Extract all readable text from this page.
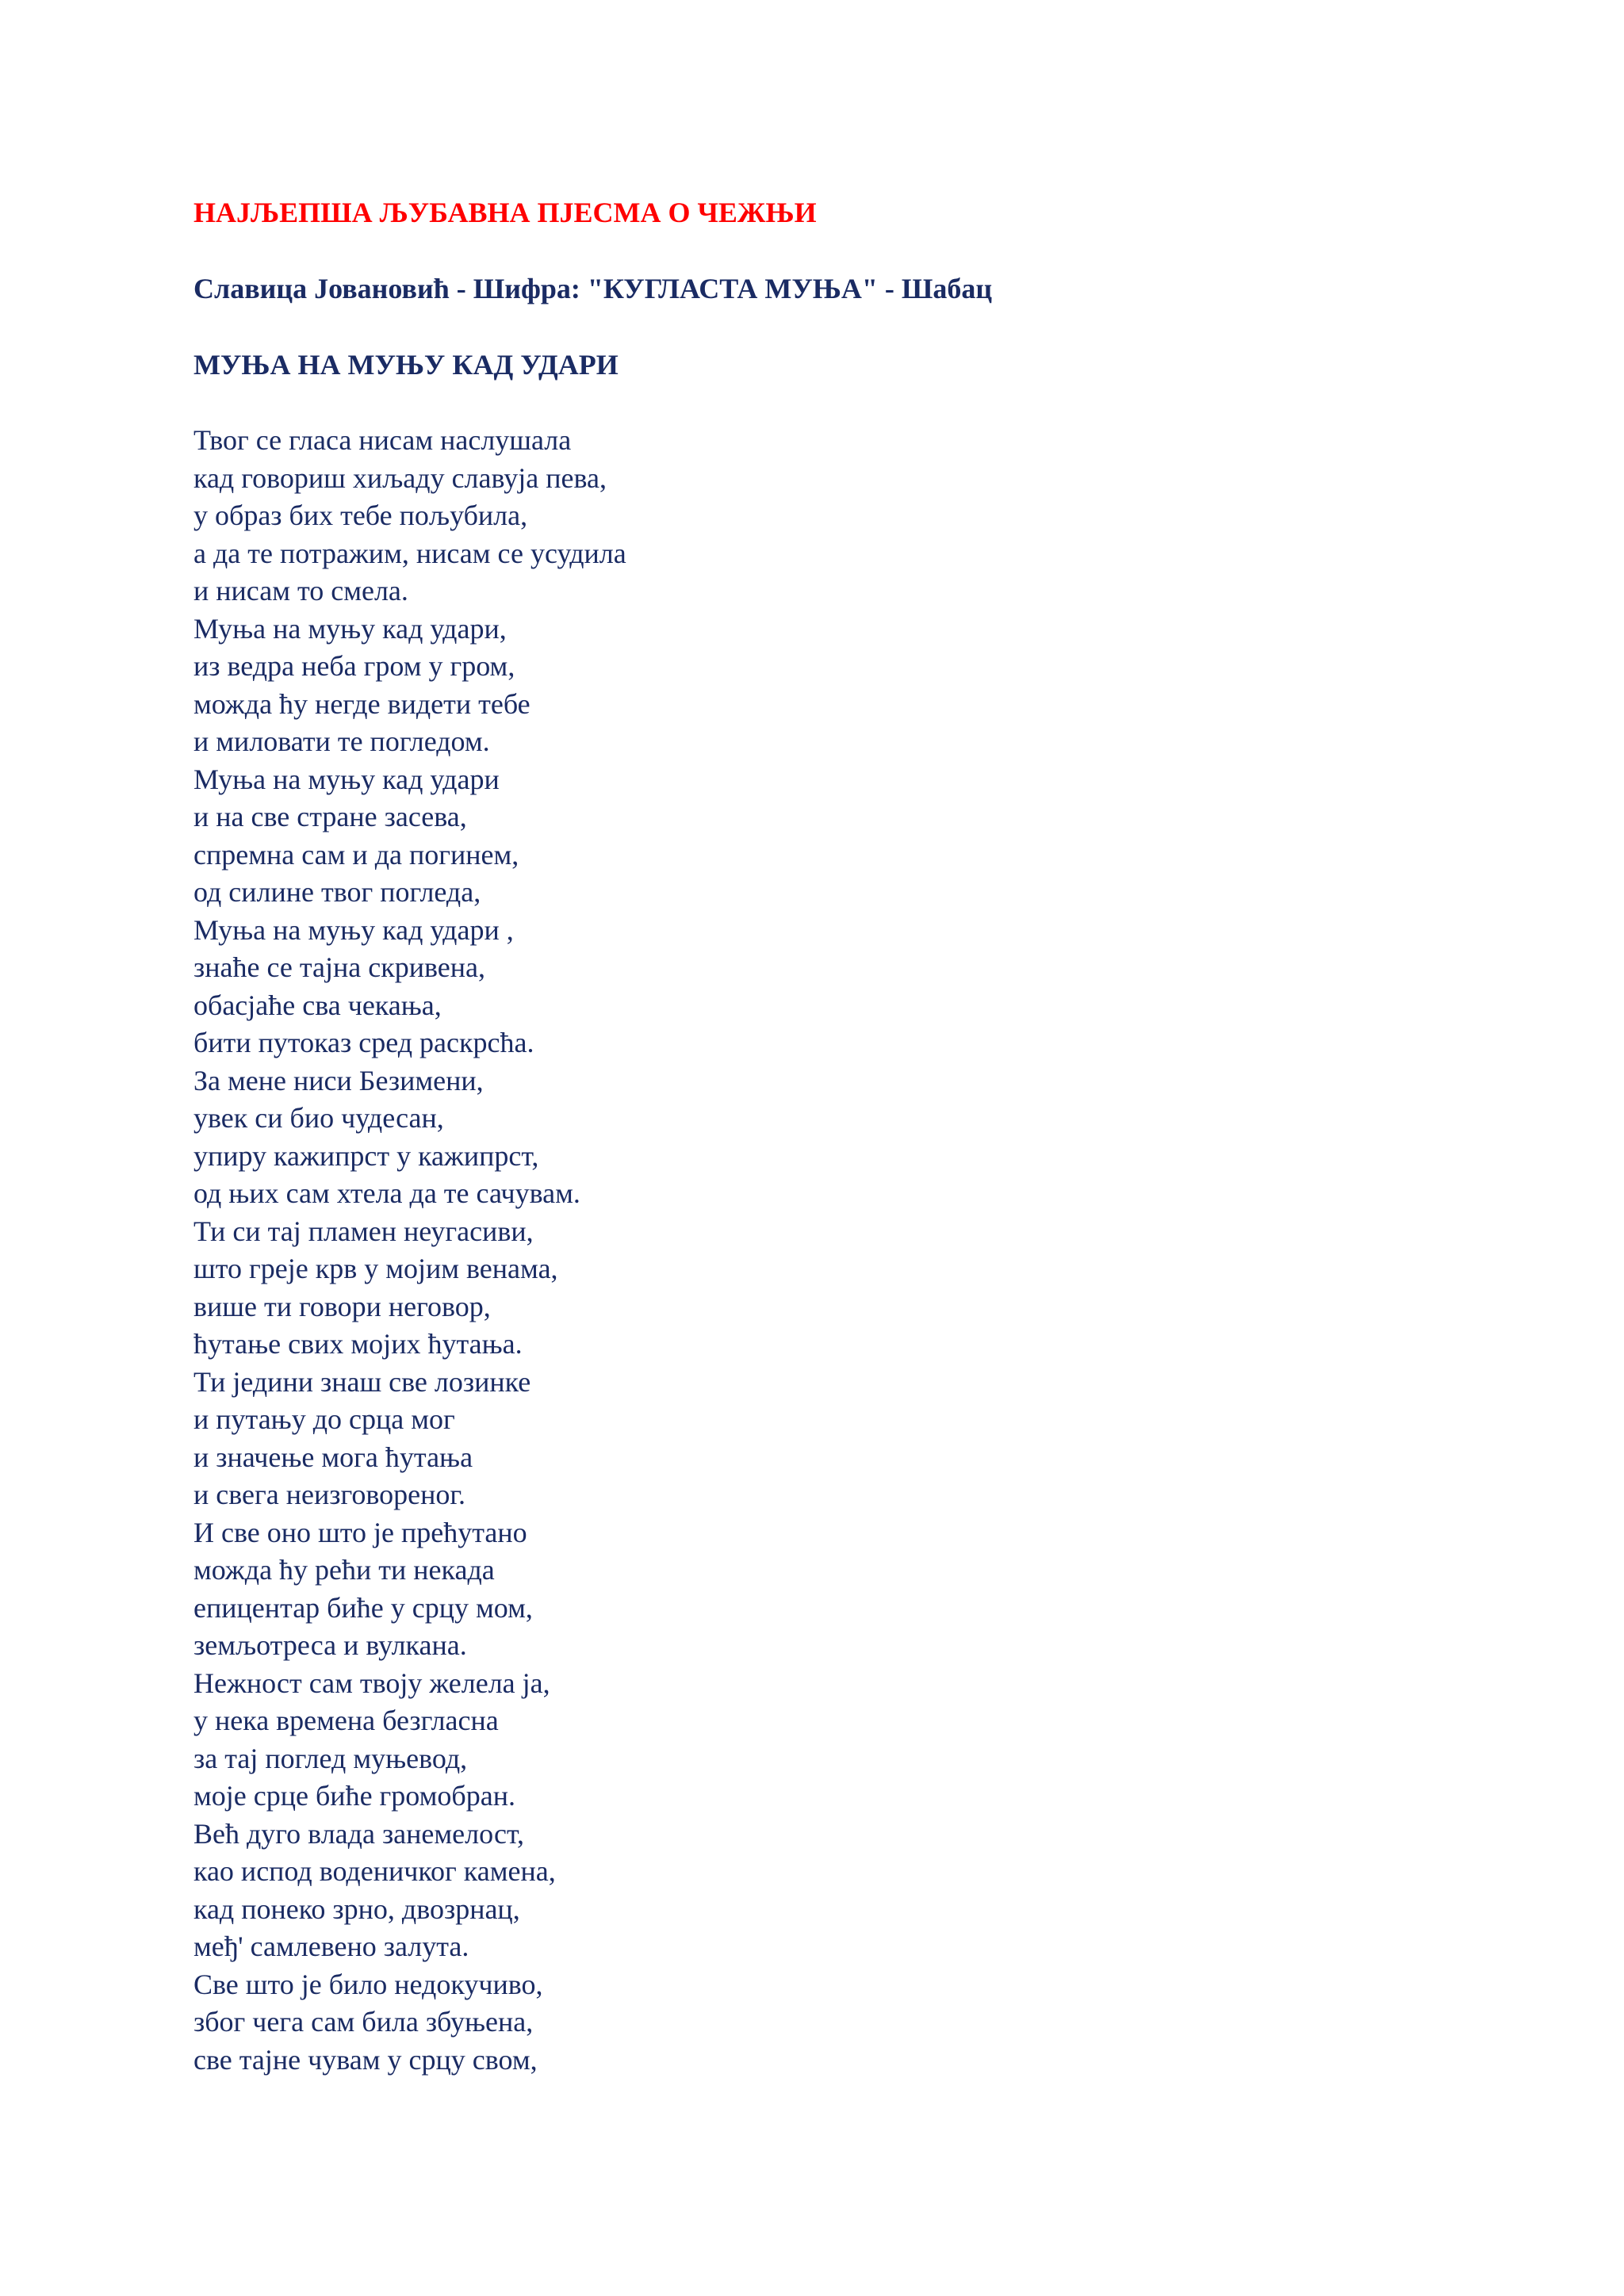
НАЈЉЕПША ЉУБАВНА ПЈЕСМА О ЧЕЖЊИ
Славица Јовановић - Шифра: "КУГЛАСТА МУЊА" - Шабац
МУЊА НА МУЊУ КАД УДАРИ
Твог се гласа нисам наслушала
кад говориш хиљаду славуја пева,
у образ бих тебе пољубила,
а да те потражим, нисам се усудила
и нисам то смела.
Муња на муњу кад удари,
из ведра неба гром у гром,
можда ћу негде видети тебе
и миловати те погледом.
Муња на муњу кад удари
и на све стране засева,
спремна сам и да погинем,
од силине твог погледа,
Муња на муњу кад удари ,
знаће се тајна скривена,
обасјаће сва чекања,
бити путоказ сред раскрсћа.
За мене ниси Безимени,
увек си био чудесан,
упиру кажипрст у кажипрст,
од њих сам хтела да те сачувам.
Ти си тај пламен неугасиви,
што греје крв у мојим венама,
више ти говори неговор,
ћутање свих мојих ћутања.
Ти једини знаш све лозинке
и путању до срца мог
и значење мога ћутања
и свега неизговореног.
И све оно што је прећутано
можда ћу рећи ти некада
епицентар биће у срцу мом,
земљотреса и вулкана.
Нежност сам твоју желела ја,
у нека времена безгласна
за тај поглед муњевод,
моје срце биће громобран.
Већ дуго влада занемелост,
као испод воденичког камена,
кад понеко зрно, двозрнац,
међ' самлевено залута.
Све што је било недокучиво,
због чега сам била збуњена,
све тајне чувам у срцу свом,
